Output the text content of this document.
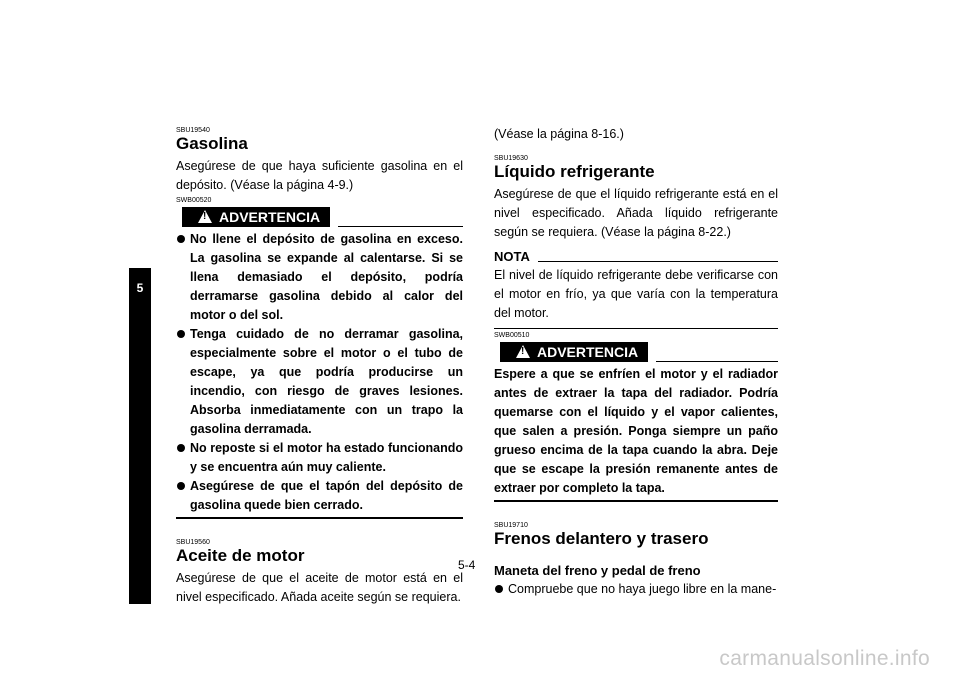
5
SBU19540
Gasolina

Asegúrese de que haya suficiente gasolina en el depósito. (Véase la página 4-9.)

SWB00520
! ADVERTENCIA
No llene el depósito de gasolina en exceso. La gasolina se expande al calentarse. Si se llena demasiado el depósito, podría derramarse gasolina debido al calor del motor o del sol.
Tenga cuidado de no derramar gasolina, especialmente sobre el motor o el tubo de escape, ya que podría producirse un incendio, con riesgo de graves lesiones. Absorba inmediatamente con un trapo la gasolina derramada.
No reposte si el motor ha estado funcionando y se encuentra aún muy caliente.
Asegúrese de que el tapón del depósito de gasolina quede bien cerrado.
SBU19560
Aceite de motor

Asegúrese de que el aceite de motor está en el nivel especificado. Añada aceite según se requiera.

(Véase la página 8-16.)

SBU19630
Líquido refrigerante

Asegúrese de que el líquido refrigerante está en el nivel especificado. Añada líquido refrigerante según se requiera. (Véase la página 8-22.)

NOTA

El nivel de líquido refrigerante debe verificarse con el motor en frío, ya que varía con la temperatura del motor.

SWB00510
! ADVERTENCIA

Espere a que se enfríen el motor y el radiador antes de extraer la tapa del radiador. Podría quemarse con el líquido y el vapor calientes, que salen a presión. Ponga siempre un paño grueso encima de la tapa cuando la abra. Deje que se escape la presión remanente antes de extraer por completo la tapa.

SBU19710
Frenos delantero y trasero
Maneta del freno y pedal de freno
Compruebe que no haya juego libre en la mane-
5-4
carmanualsonline.info
